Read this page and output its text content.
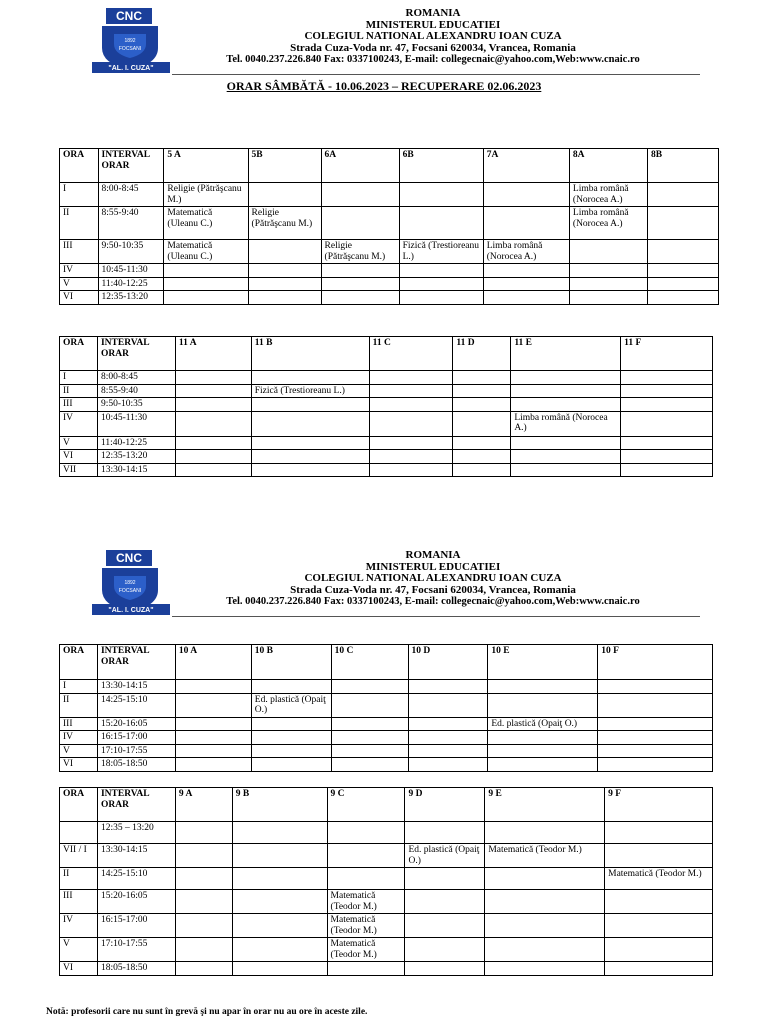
CNC
1892
FOCSANI
"AL. I. CUZA"
ROMANIA
MINISTERUL EDUCATIEI
COLEGIUL NATIONAL ALEXANDRU IOAN CUZA
Strada Cuza-Voda nr. 47, Focsani 620034, Vrancea, Romania
Tel. 0040.237.226.840 Fax: 0337100243, E-mail: collegecnaic@yahoo.com,Web:www.cnaic.ro
ORAR SÂMBĂTĂ - 10.06.2023 – RECUPERARE 02.06.2023
ORA	INTERVAL ORAR	5 A	5B	6A	6B	7A	8A	8B
I	8:00-8:45	Religie (Pătrăşcanu M.)					Limba română (Norocea A.)	
II	8:55-9:40	Matematică (Uleanu C.)	Religie (Pătrăşcanu M.)				Limba română (Norocea A.)	
III	9:50-10:35	Matematică (Uleanu C.)		Religie (Pătrăşcanu M.)	Fizică (Trestioreanu L.)	Limba română (Norocea A.)		
IV	10:45-11:30							
V	11:40-12:25							
VI	12:35-13:20							
ORA	INTERVAL ORAR	11 A	11 B	11 C	11 D	11 E	11 F
I	8:00-8:45						
II	8:55-9:40		Fizică (Trestioreanu L.)				
III	9:50-10:35						
IV	10:45-11:30					Limba română (Norocea A.)	
V	11:40-12:25						
VI	12:35-13:20						
VII	13:30-14:15						
CNC
1892
FOCSANI
"AL. I. CUZA"
ROMANIA
MINISTERUL EDUCATIEI
COLEGIUL NATIONAL ALEXANDRU IOAN CUZA
Strada Cuza-Voda nr. 47, Focsani 620034, Vrancea, Romania
Tel. 0040.237.226.840 Fax: 0337100243, E-mail: collegecnaic@yahoo.com,Web:www.cnaic.ro
ORA	INTERVAL ORAR	10 A	10 B	10 C	10 D	10 E	10 F
I	13:30-14:15						
II	14:25-15:10		Ed. plastică (Opaiţ O.)				
III	15:20-16:05					Ed. plastică (Opaiţ O.)	
IV	16:15-17:00						
V	17:10-17:55						
VI	18:05-18:50						
ORA	INTERVAL ORAR	9 A	9 B	9 C	9 D	9 E	9 F
	12:35 – 13:20						
VII / I	13:30-14:15				Ed. plastică (Opaiţ O.)	Matematică (Teodor M.)	
II	14:25-15:10						Matematică (Teodor M.)
III	15:20-16:05			Matematică (Teodor M.)			
IV	16:15-17:00			Matematică (Teodor M.)			
V	17:10-17:55			Matematică (Teodor M.)			
VI	18:05-18:50						
Notă: profesorii care nu sunt în grevă şi nu apar în orar nu au ore în aceste zile.
